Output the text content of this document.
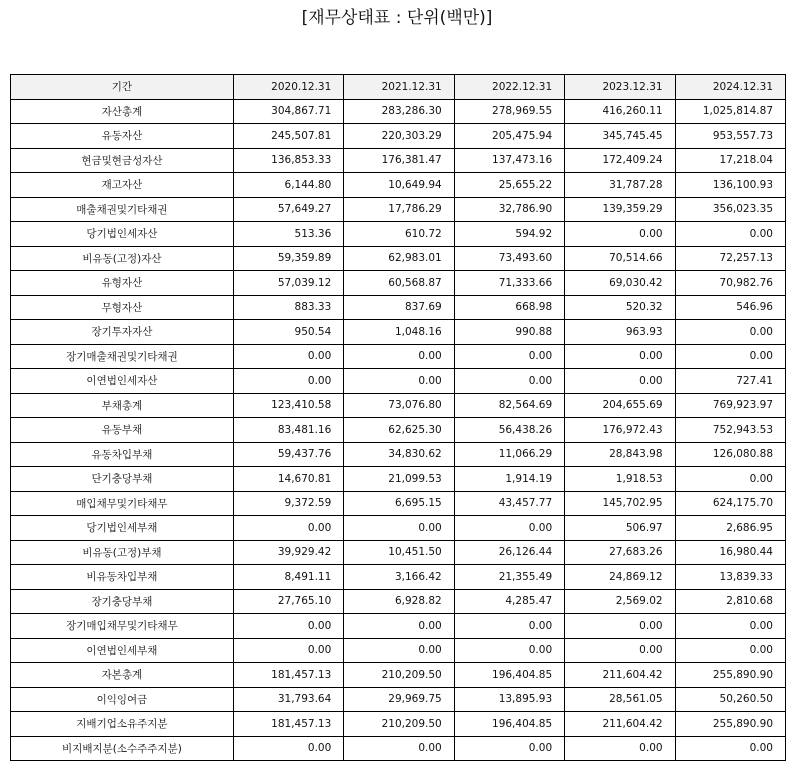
[재무상태표 : 단위(백만)]
기간	2020.12.31	2021.12.31	2022.12.31	2023.12.31	2024.12.31
자산총계	304,867.71	283,286.30	278,969.55	416,260.11	1,025,814.87
유동자산	245,507.81	220,303.29	205,475.94	345,745.45	953,557.73
현금및현금성자산	136,853.33	176,381.47	137,473.16	172,409.24	17,218.04
재고자산	6,144.80	10,649.94	25,655.22	31,787.28	136,100.93
매출채권및기타채권	57,649.27	17,786.29	32,786.90	139,359.29	356,023.35
당기법인세자산	513.36	610.72	594.92	0.00	0.00
비유동(고정)자산	59,359.89	62,983.01	73,493.60	70,514.66	72,257.13
유형자산	57,039.12	60,568.87	71,333.66	69,030.42	70,982.76
무형자산	883.33	837.69	668.98	520.32	546.96
장기투자자산	950.54	1,048.16	990.88	963.93	0.00
장기매출채권및기타채권	0.00	0.00	0.00	0.00	0.00
이연법인세자산	0.00	0.00	0.00	0.00	727.41
부채총계	123,410.58	73,076.80	82,564.69	204,655.69	769,923.97
유동부채	83,481.16	62,625.30	56,438.26	176,972.43	752,943.53
유동차입부채	59,437.76	34,830.62	11,066.29	28,843.98	126,080.88
단기충당부채	14,670.81	21,099.53	1,914.19	1,918.53	0.00
매입채무및기타채무	9,372.59	6,695.15	43,457.77	145,702.95	624,175.70
당기법인세부채	0.00	0.00	0.00	506.97	2,686.95
비유동(고정)부채	39,929.42	10,451.50	26,126.44	27,683.26	16,980.44
비유동차입부채	8,491.11	3,166.42	21,355.49	24,869.12	13,839.33
장기충당부채	27,765.10	6,928.82	4,285.47	2,569.02	2,810.68
장기매입채무및기타채무	0.00	0.00	0.00	0.00	0.00
이연법인세부채	0.00	0.00	0.00	0.00	0.00
자본총계	181,457.13	210,209.50	196,404.85	211,604.42	255,890.90
이익잉여금	31,793.64	29,969.75	13,895.93	28,561.05	50,260.50
지배기업소유주지분	181,457.13	210,209.50	196,404.85	211,604.42	255,890.90
비지배지분(소수주주지분)	0.00	0.00	0.00	0.00	0.00
